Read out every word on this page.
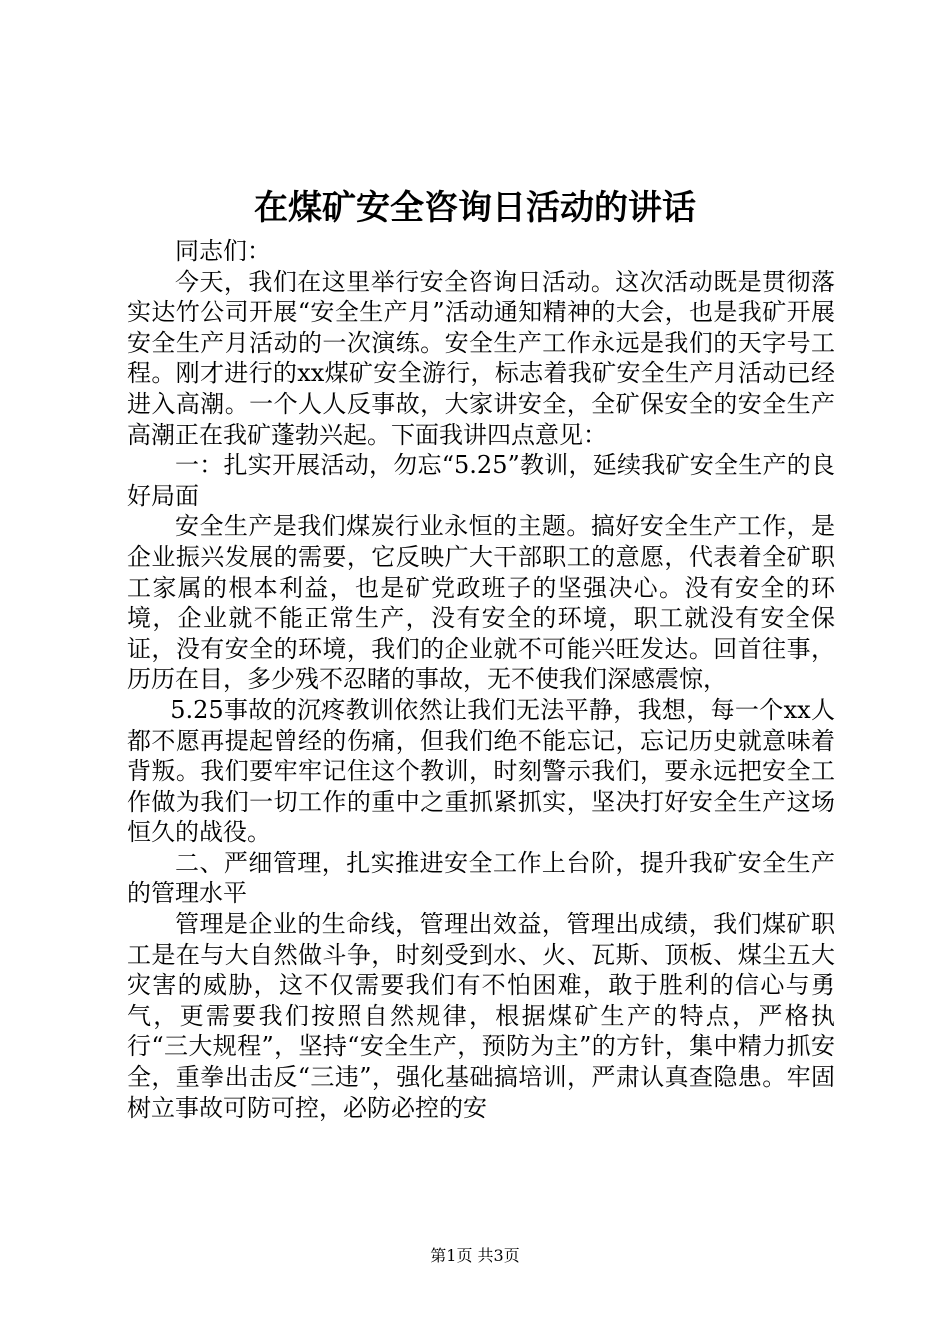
在煤矿安全咨询日活动的讲话

同志们：

今天，我们在这里举行安全咨询日活动。这次活动既是贯彻落实达竹公司开展“安全生产月”活动通知精神的大会，也是我矿开展安全生产月活动的一次演练。安全生产工作永远是我们的天字号工程。刚才进行的xx煤矿安全游行，标志着我矿安全生产月活动已经进入高潮。一个人人反事故，大家讲安全，全矿保安全的安全生产高潮正在我矿蓬勃兴起。下面我讲四点意见：

一：扎实开展活动，勿忘“5.25”教训，延续我矿安全生产的良好局面

安全生产是我们煤炭行业永恒的主题。搞好安全生产工作，是企业振兴发展的需要，它反映广大干部职工的意愿，代表着全矿职工家属的根本利益，也是矿党政班子的坚强决心。没有安全的环境，企业就不能正常生产，没有安全的环境，职工就没有安全保证，没有安全的环境，我们的企业就不可能兴旺发达。回首往事，历历在目，多少残不忍睹的事故，无不使我们深感震惊，

5.25事故的沉疼教训依然让我们无法平静，我想，每一个xx人都不愿再提起曾经的伤痛，但我们绝不能忘记，忘记历史就意味着背叛。我们要牢牢记住这个教训，时刻警示我们，要永远把安全工作做为我们一切工作的重中之重抓紧抓实，坚决打好安全生产这场恒久的战役。

二、严细管理，扎实推进安全工作上台阶，提升我矿安全生产的管理水平

管理是企业的生命线，管理出效益，管理出成绩，我们煤矿职工是在与大自然做斗争，时刻受到水、火、瓦斯、顶板、煤尘五大灾害的威胁，这不仅需要我们有不怕困难，敢于胜利的信心与勇气，更需要我们按照自然规律，根据煤矿生产的特点，严格执行“三大规程”，坚持“安全生产，预防为主”的方针，集中精力抓安全，重拳出击反“三违”，强化基础搞培训，严肃认真查隐患。牢固树立事故可防可控，必防必控的安

第1页 共3页
